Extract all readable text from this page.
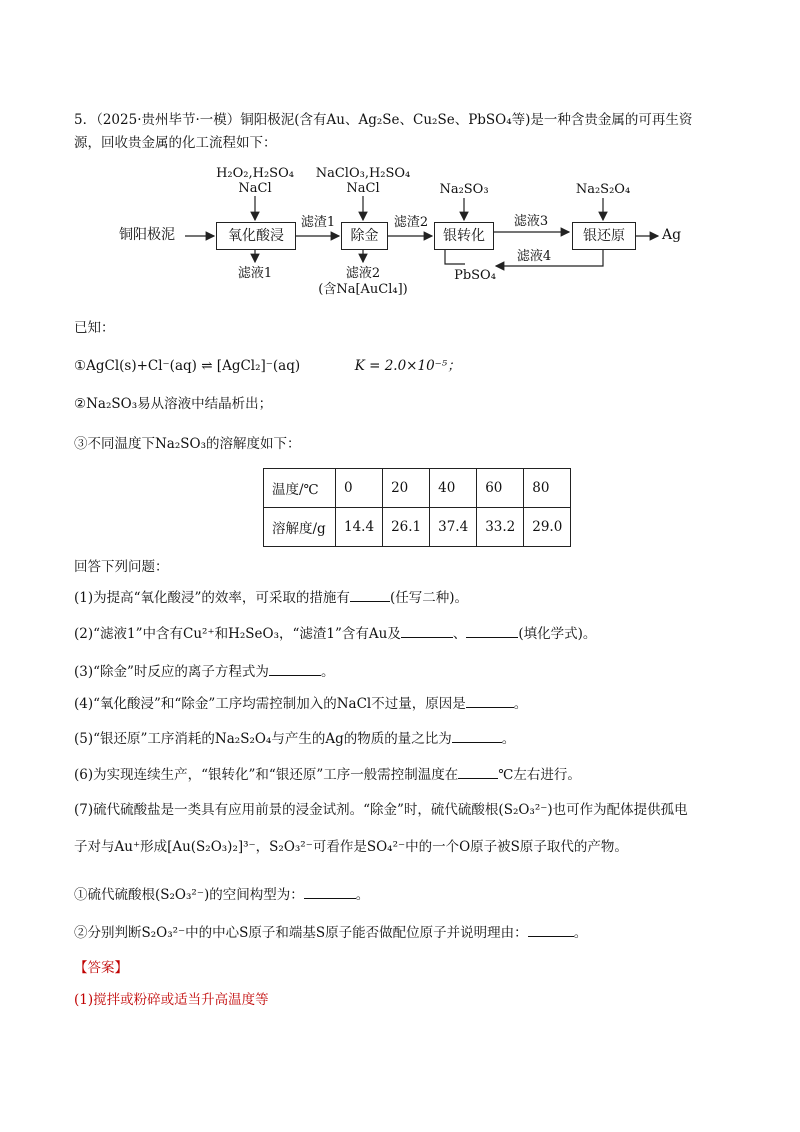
5．（2025·贵州毕节·一模）铜阳极泥(含有Au、Ag₂Se、Cu₂Se、PbSO₄等)是一种含贵金属的可再生资
源，回收贵金属的化工流程如下：
铜阳极泥	氧化酸浸	除金	银转化	银还原	Ag
H₂O₂,H₂SO₄
NaCl
NaClO₃,H₂SO₄
NaCl	Na₂SO₃	Na₂S₂O₄
滤渣1	滤渣2	滤液3
滤液4
滤液1	滤液2
(含Na[AuCl₄])
PbSO₄
已知：
①AgCl(s)+Cl⁻(aq) ⇌ [AgCl₂]⁻(aq)	K = 2.0×10⁻⁵；
②Na₂SO₃易从溶液中结晶析出；
③不同温度下Na₂SO₃的溶解度如下：
温度/℃	0	20	40	60	80
溶解度/g	14.4	26.1	37.4	33.2	29.0
回答下列问题：
(1)为提高“氧化酸浸”的效率，可采取的措施有	(任写二种)。
(2)“滤液1”中含有Cu²⁺和H₂SeO₃，“滤渣1”含有Au及	、	(填化学式)。
(3)“除金”时反应的离子方程式为	。
(4)“氧化酸浸”和“除金”工序均需控制加入的NaCl不过量，原因是	。
(5)“银还原”工序消耗的Na₂S₂O₄与产生的Ag的物质的量之比为	。
(6)为实现连续生产，“银转化”和“银还原”工序一般需控制温度在	℃左右进行。
(7)硫代硫酸盐是一类具有应用前景的浸金试剂。“除金”时，硫代硫酸根(S₂O₃²⁻)也可作为配体提供孤电
子对与Au⁺形成[Au(S₂O₃)₂]³⁻，S₂O₃²⁻可看作是SO₄²⁻中的一个O原子被S原子取代的产物。
①硫代硫酸根(S₂O₃²⁻)的空间构型为：	。
②分别判断S₂O₃²⁻中的中心S原子和端基S原子能否做配位原子并说明理由：	。
【答案】
(1)搅拌或粉碎或适当升高温度等
